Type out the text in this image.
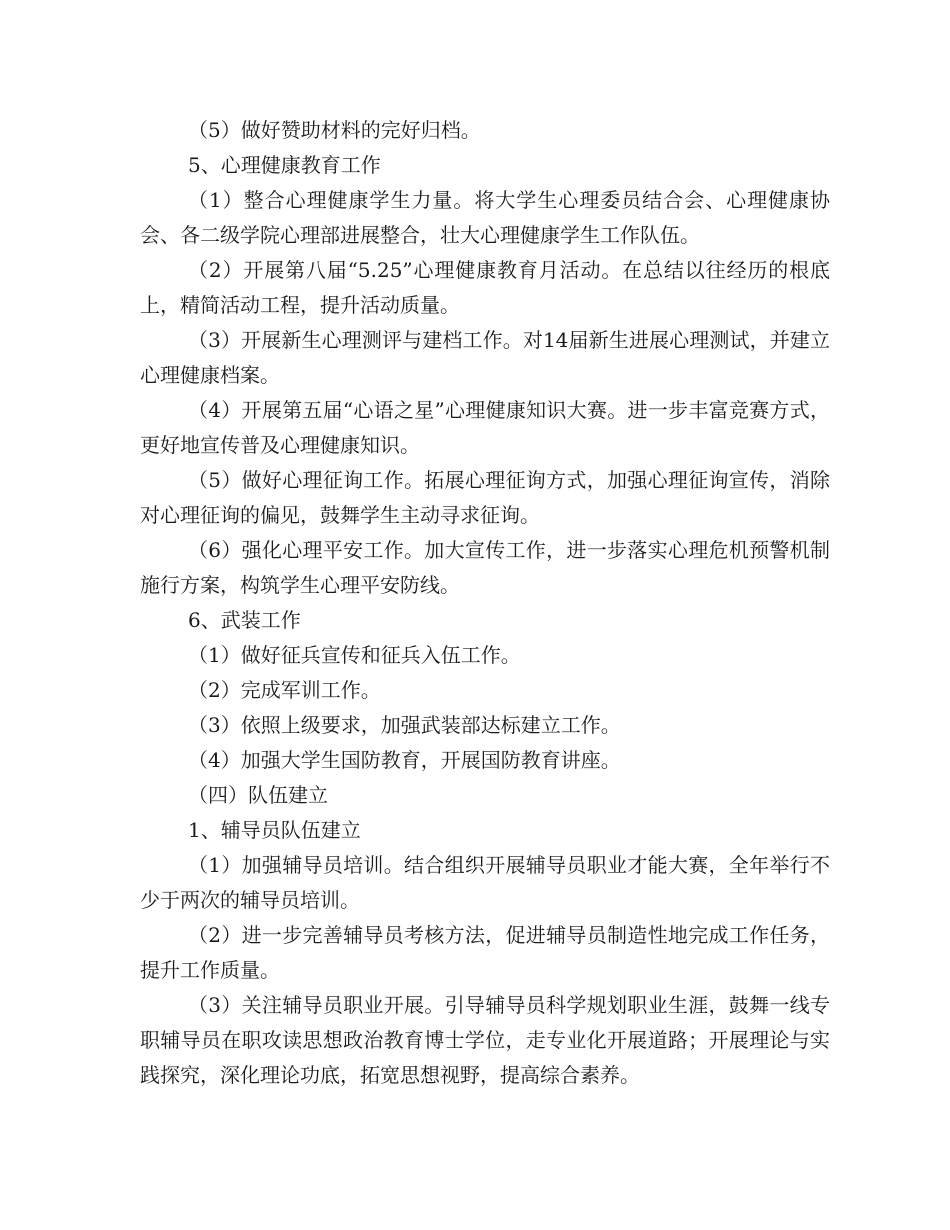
（5）做好赞助材料的完好归档。

5、心理健康教育工作

（1）整合心理健康学生力量。将大学生心理委员结合会、心理健康协会、各二级学院心理部进展整合，壮大心理健康学生工作队伍。

（2）开展第八届“5.25”心理健康教育月活动。在总结以往经历的根底上，精简活动工程，提升活动质量。

（3）开展新生心理测评与建档工作。对14届新生进展心理测试，并建立心理健康档案。

（4）开展第五届“心语之星”心理健康知识大赛。进一步丰富竞赛方式，更好地宣传普及心理健康知识。

（5）做好心理征询工作。拓展心理征询方式，加强心理征询宣传，消除对心理征询的偏见，鼓舞学生主动寻求征询。

（6）强化心理平安工作。加大宣传工作，进一步落实心理危机预警机制施行方案，构筑学生心理平安防线。

6、武装工作

（1）做好征兵宣传和征兵入伍工作。

（2）完成军训工作。

（3）依照上级要求，加强武装部达标建立工作。

（4）加强大学生国防教育，开展国防教育讲座。

（四）队伍建立

1、辅导员队伍建立

（1）加强辅导员培训。结合组织开展辅导员职业才能大赛，全年举行不少于两次的辅导员培训。

（2）进一步完善辅导员考核方法，促进辅导员制造性地完成工作任务，提升工作质量。

（3）关注辅导员职业开展。引导辅导员科学规划职业生涯，鼓舞一线专职辅导员在职攻读思想政治教育博士学位，走专业化开展道路；开展理论与实践探究，深化理论功底，拓宽思想视野，提高综合素养。
